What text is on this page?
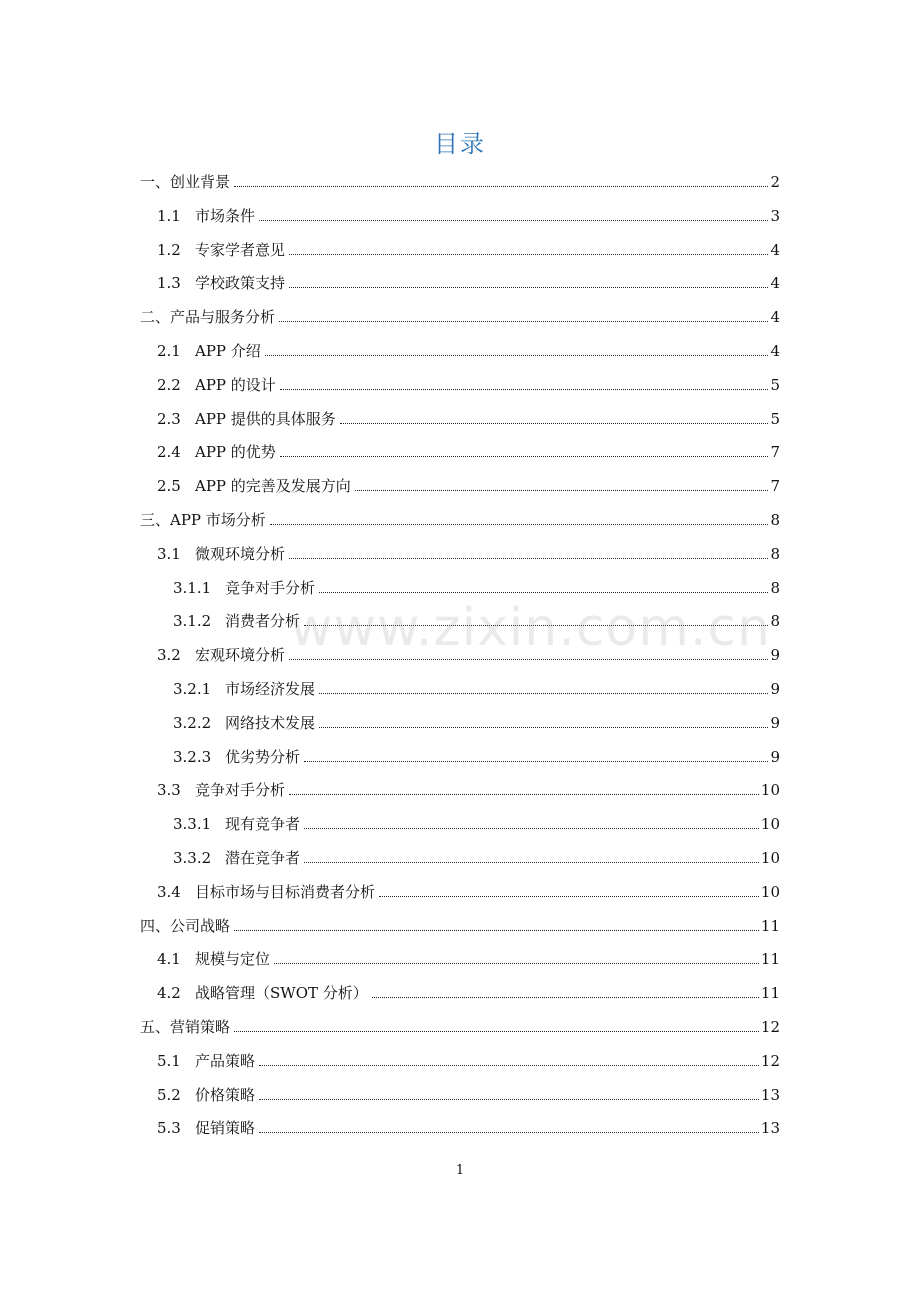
目录
一、创业背景	2
1.1 市场条件	3
1.2 专家学者意见	4
1.3 学校政策支持	4
二、产品与服务分析	4
2.1 APP 介绍	4
2.2 APP 的设计	5
2.3 APP 提供的具体服务	5
2.4 APP 的优势	7
2.5 APP 的完善及发展方向	7
三、APP 市场分析	8
3.1 微观环境分析	8
3.1.1 竞争对手分析	8
3.1.2 消费者分析	8
3.2 宏观环境分析	9
3.2.1 市场经济发展	9
3.2.2 网络技术发展	9
3.2.3 优劣势分析	9
3.3 竞争对手分析	10
3.3.1 现有竞争者	10
3.3.2 潜在竞争者	10
3.4 目标市场与目标消费者分析	10
四、公司战略	11
4.1 规模与定位	11
4.2 战略管理（SWOT 分析）	11
五、营销策略	12
5.1 产品策略	12
5.2 价格策略	13
5.3 促销策略	13
www.zixin.com.cn
1
